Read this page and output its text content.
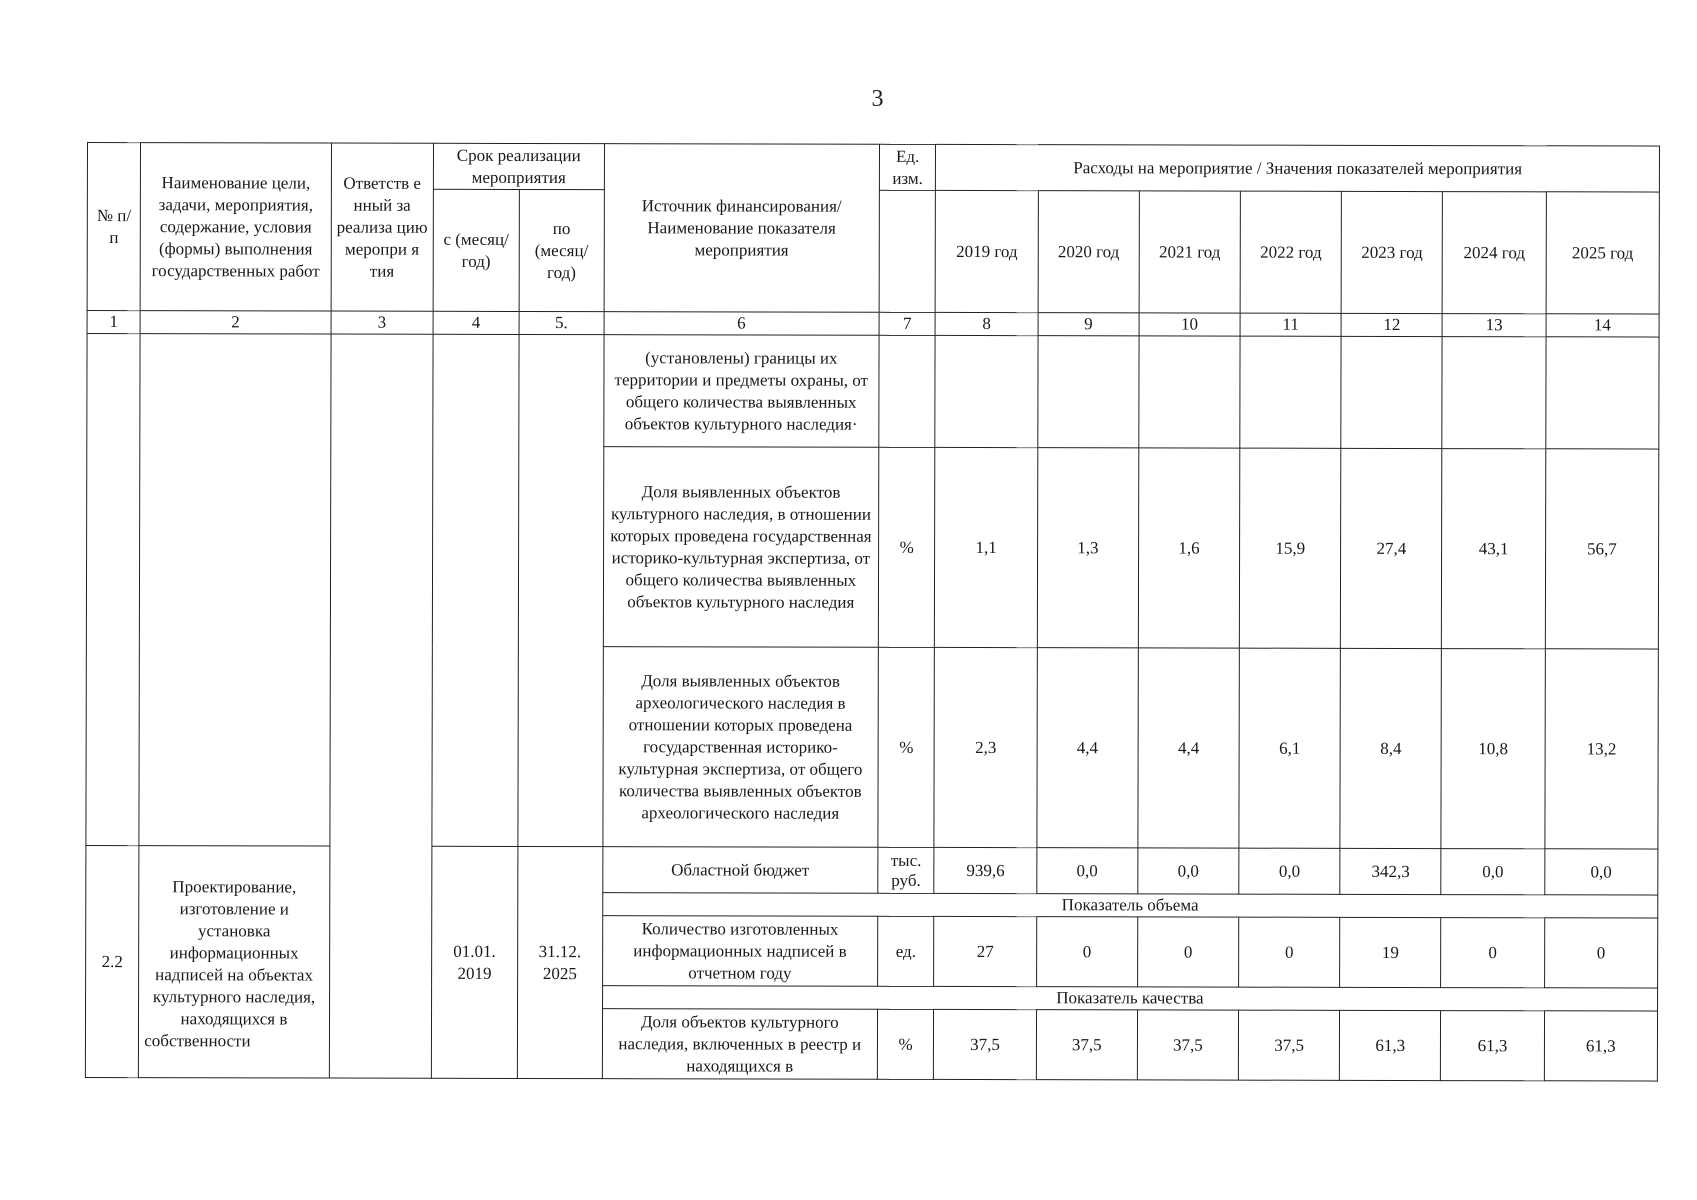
3
№ п/п	Наименование цели, задачи, мероприятия, содержание, условия (формы) выполнения государственных работ	Ответств е нный за реализа цию меропри я тия	Срок реализации мероприятия		Источник финансирования/ Наименование показателя мероприятия	Ед. изм.	Расходы на мероприятие / Значения показателей мероприятия						
			с (месяц/ год)	по (месяц/ год)			2019 год	2020 год	2021 год	2022 год	2023 год	2024 год	2025 год
1	2	3	4	5.	6	7	8	9	10	11	12	13	14
					(установлены) границы их территории и предметы охраны, от общего количества выявленных объектов культурного наследия·								
					Доля выявленных объектов культурного наследия, в отношении которых проведена государственная историко-культурная экспертиза, от общего количества выявленных объектов культурного наследия	%	1,1	1,3	1,6	15,9	27,4	43,1	56,7
					Доля выявленных объектов археологического наследия в отношении которых проведена государственная историко-культурная экспертиза, от общего количества выявленных объектов археологического наследия	%	2,3	4,4	4,4	6,1	8,4	10,8	13,2
2.2	Проектирование, изготовление и установка информационных надписей на объектах культурного наследия, находящихся в собственности		01.01. 2019	31.12. 2025	Областной бюджет	тыс. руб.	939,6	0,0	0,0	0,0	342,3	0,0	0,0
					Показатель объема								
					Количество изготовленных информационных надписей в отчетном году	ед.	27	0	0	0	19	0	0
					Показатель качества								
					Доля объектов культурного наследия, включенных в реестр и находящихся в	%	37,5	37,5	37,5	37,5	61,3	61,3	61,3
